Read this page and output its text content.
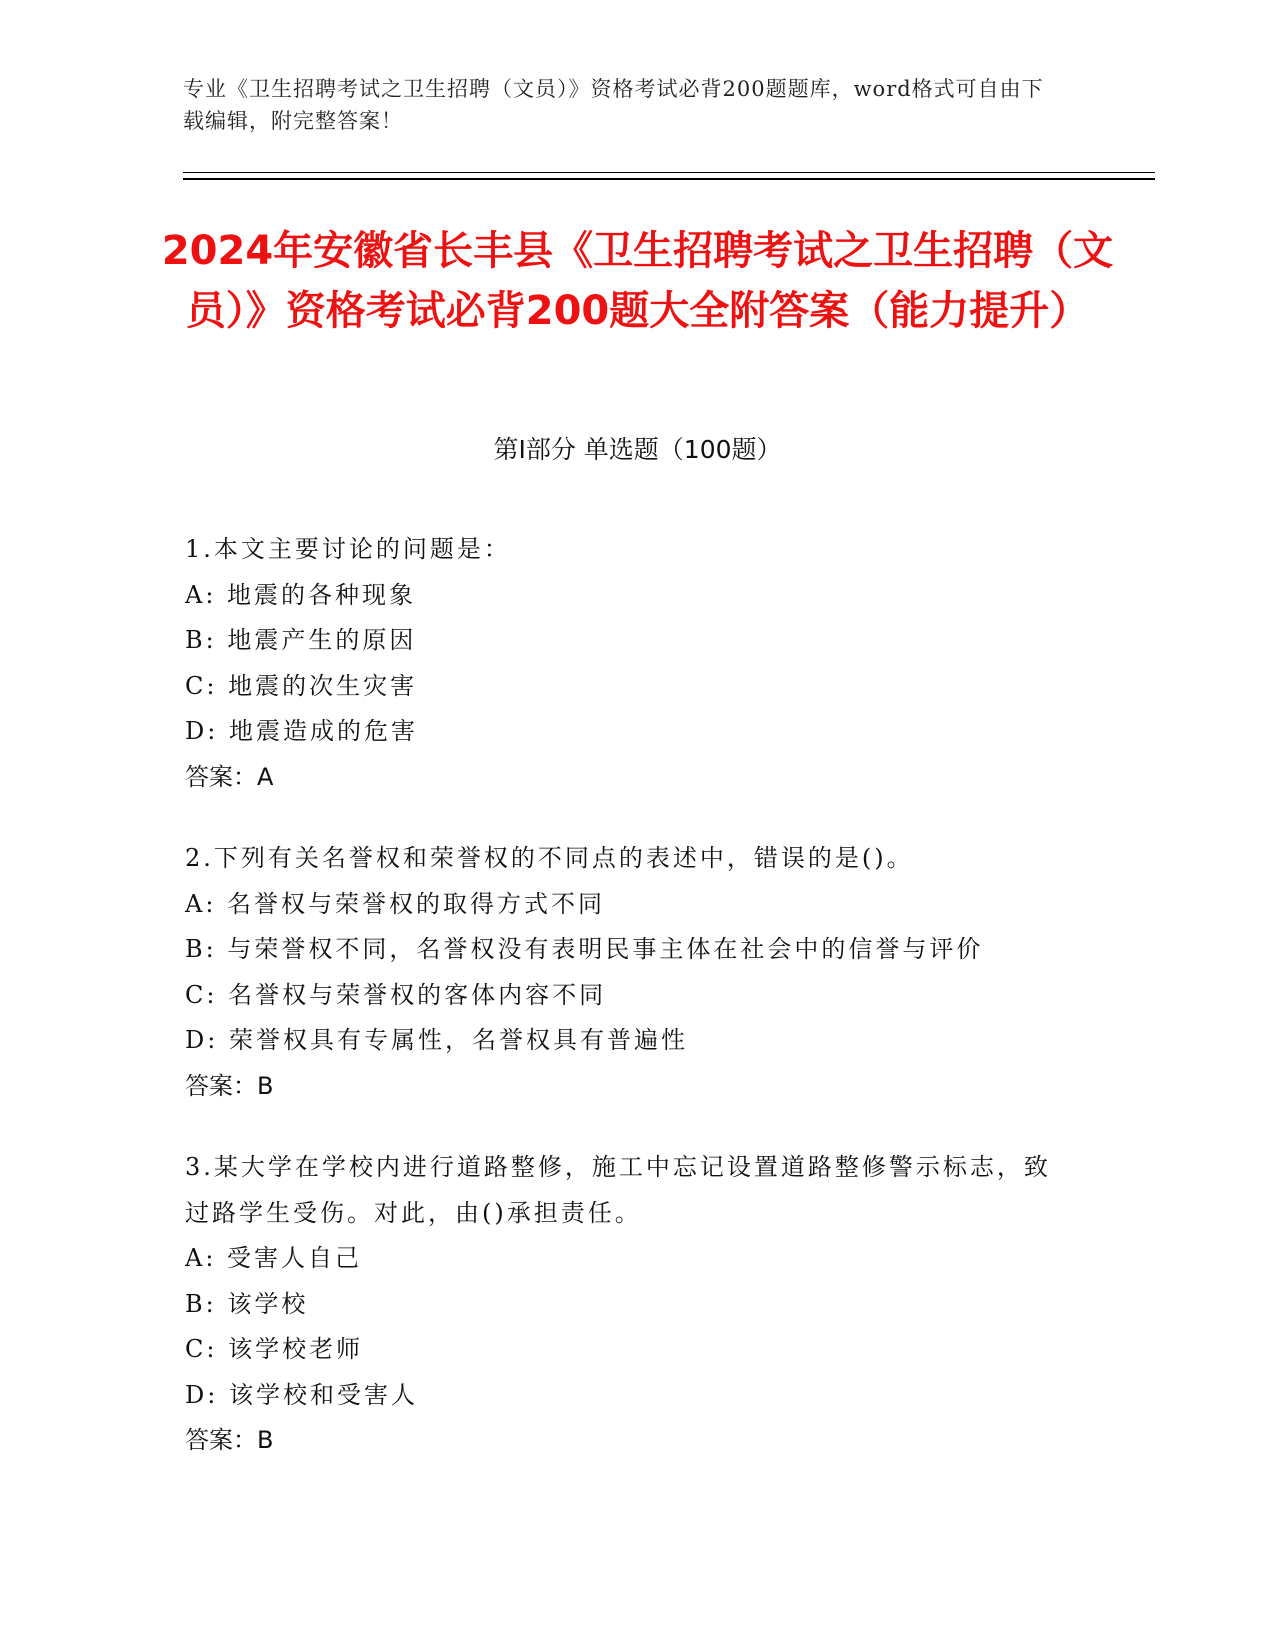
专业《卫生招聘考试之卫生招聘（文员）》资格考试必背200题题库，word格式可自由下载编辑，附完整答案！
2024年安徽省长丰县《卫生招聘考试之卫生招聘（文员）》资格考试必背200题大全附答案（能力提升）
第I部分 单选题（100题）
1.本文主要讨论的问题是：
A: 地震的各种现象
B: 地震产生的原因
C: 地震的次生灾害
D: 地震造成的危害
答案：A
2.下列有关名誉权和荣誉权的不同点的表述中，错误的是()。
A: 名誉权与荣誉权的取得方式不同
B: 与荣誉权不同，名誉权没有表明民事主体在社会中的信誉与评价
C: 名誉权与荣誉权的客体内容不同
D: 荣誉权具有专属性，名誉权具有普遍性
答案：B
3.某大学在学校内进行道路整修，施工中忘记设置道路整修警示标志，致过路学生受伤。对此，由()承担责任。
A: 受害人自己
B: 该学校
C: 该学校老师
D: 该学校和受害人
答案：B
